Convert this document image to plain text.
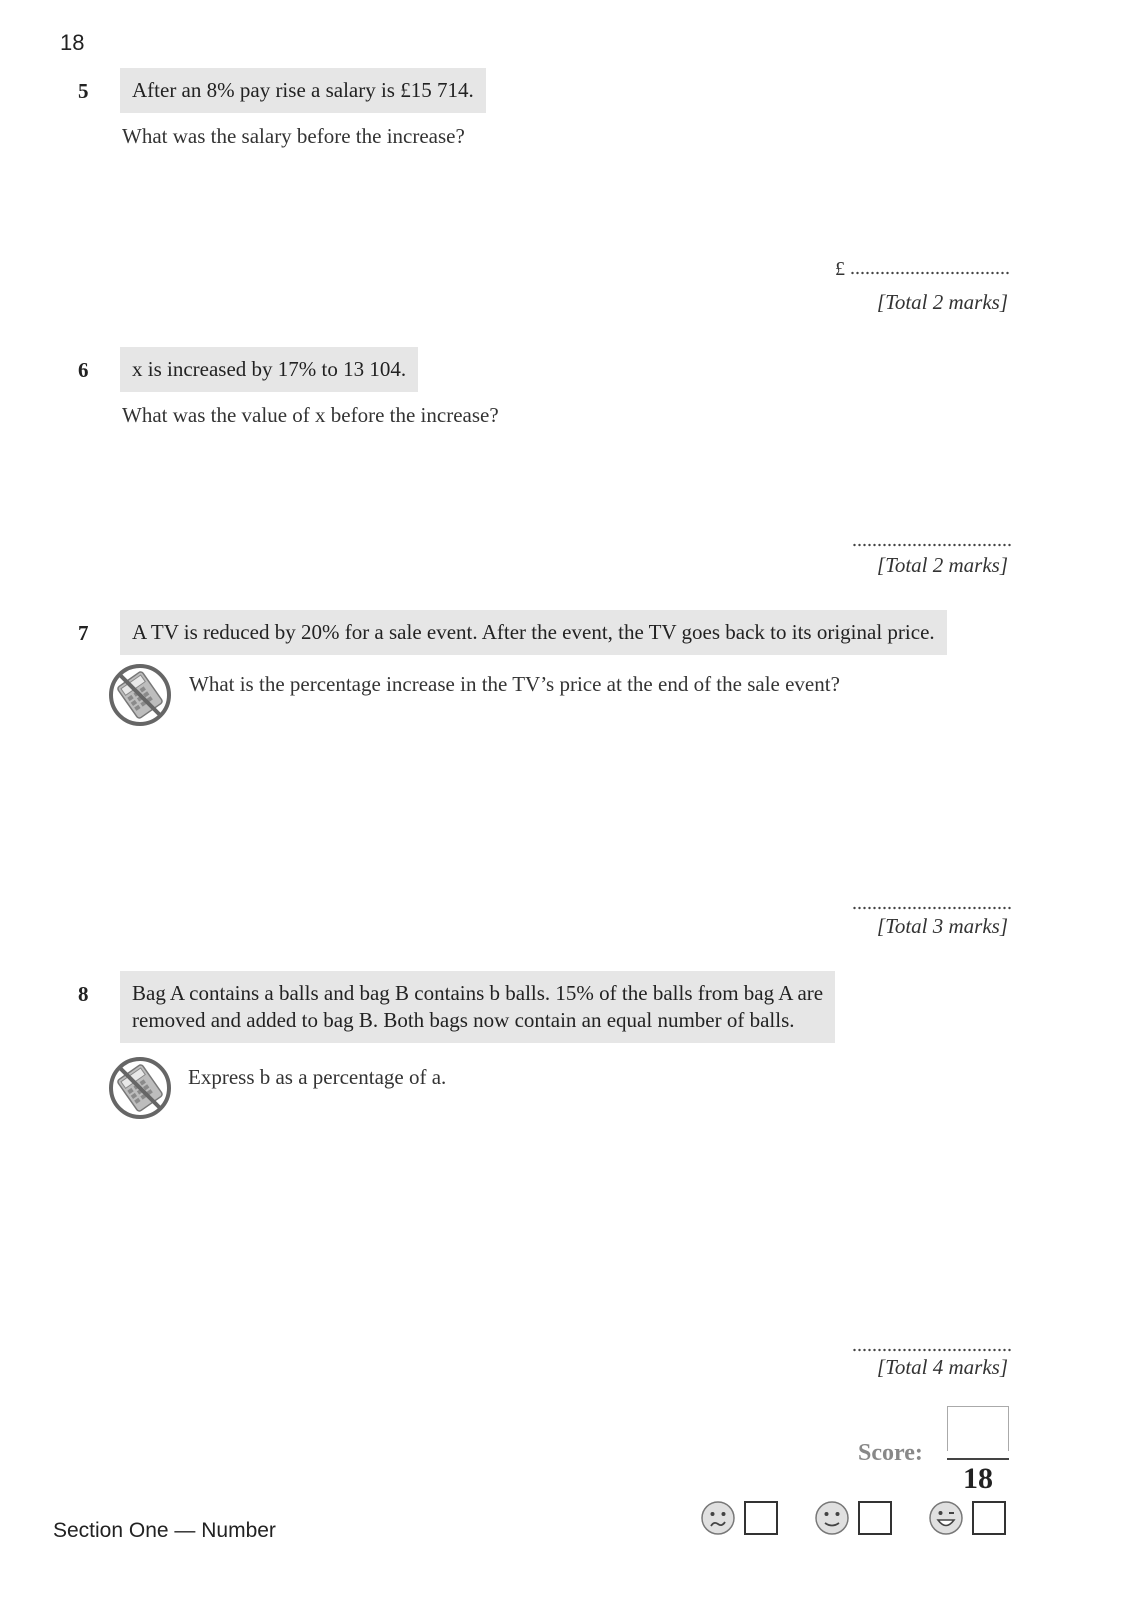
18
5	After an 8% pay rise a salary is £15 714.
What was the salary before the increase?
£
[Total 2 marks]
6	x is increased by 17% to 13 104.
What was the value of x before the increase?
[Total 2 marks]
7	A TV is reduced by 20% for a sale event. After the event, the TV goes back to its original price.
What is the percentage increase in the TV’s price at the end of the sale event?
[Total 3 marks]
8 Bag A contains a balls and bag B contains b balls. 15% of the balls from bag A are
removed and added to bag B. Both bags now contain an equal number of balls.
Express b as a percentage of a.
[Total 4 marks]
Score:
18
Section One — Number
